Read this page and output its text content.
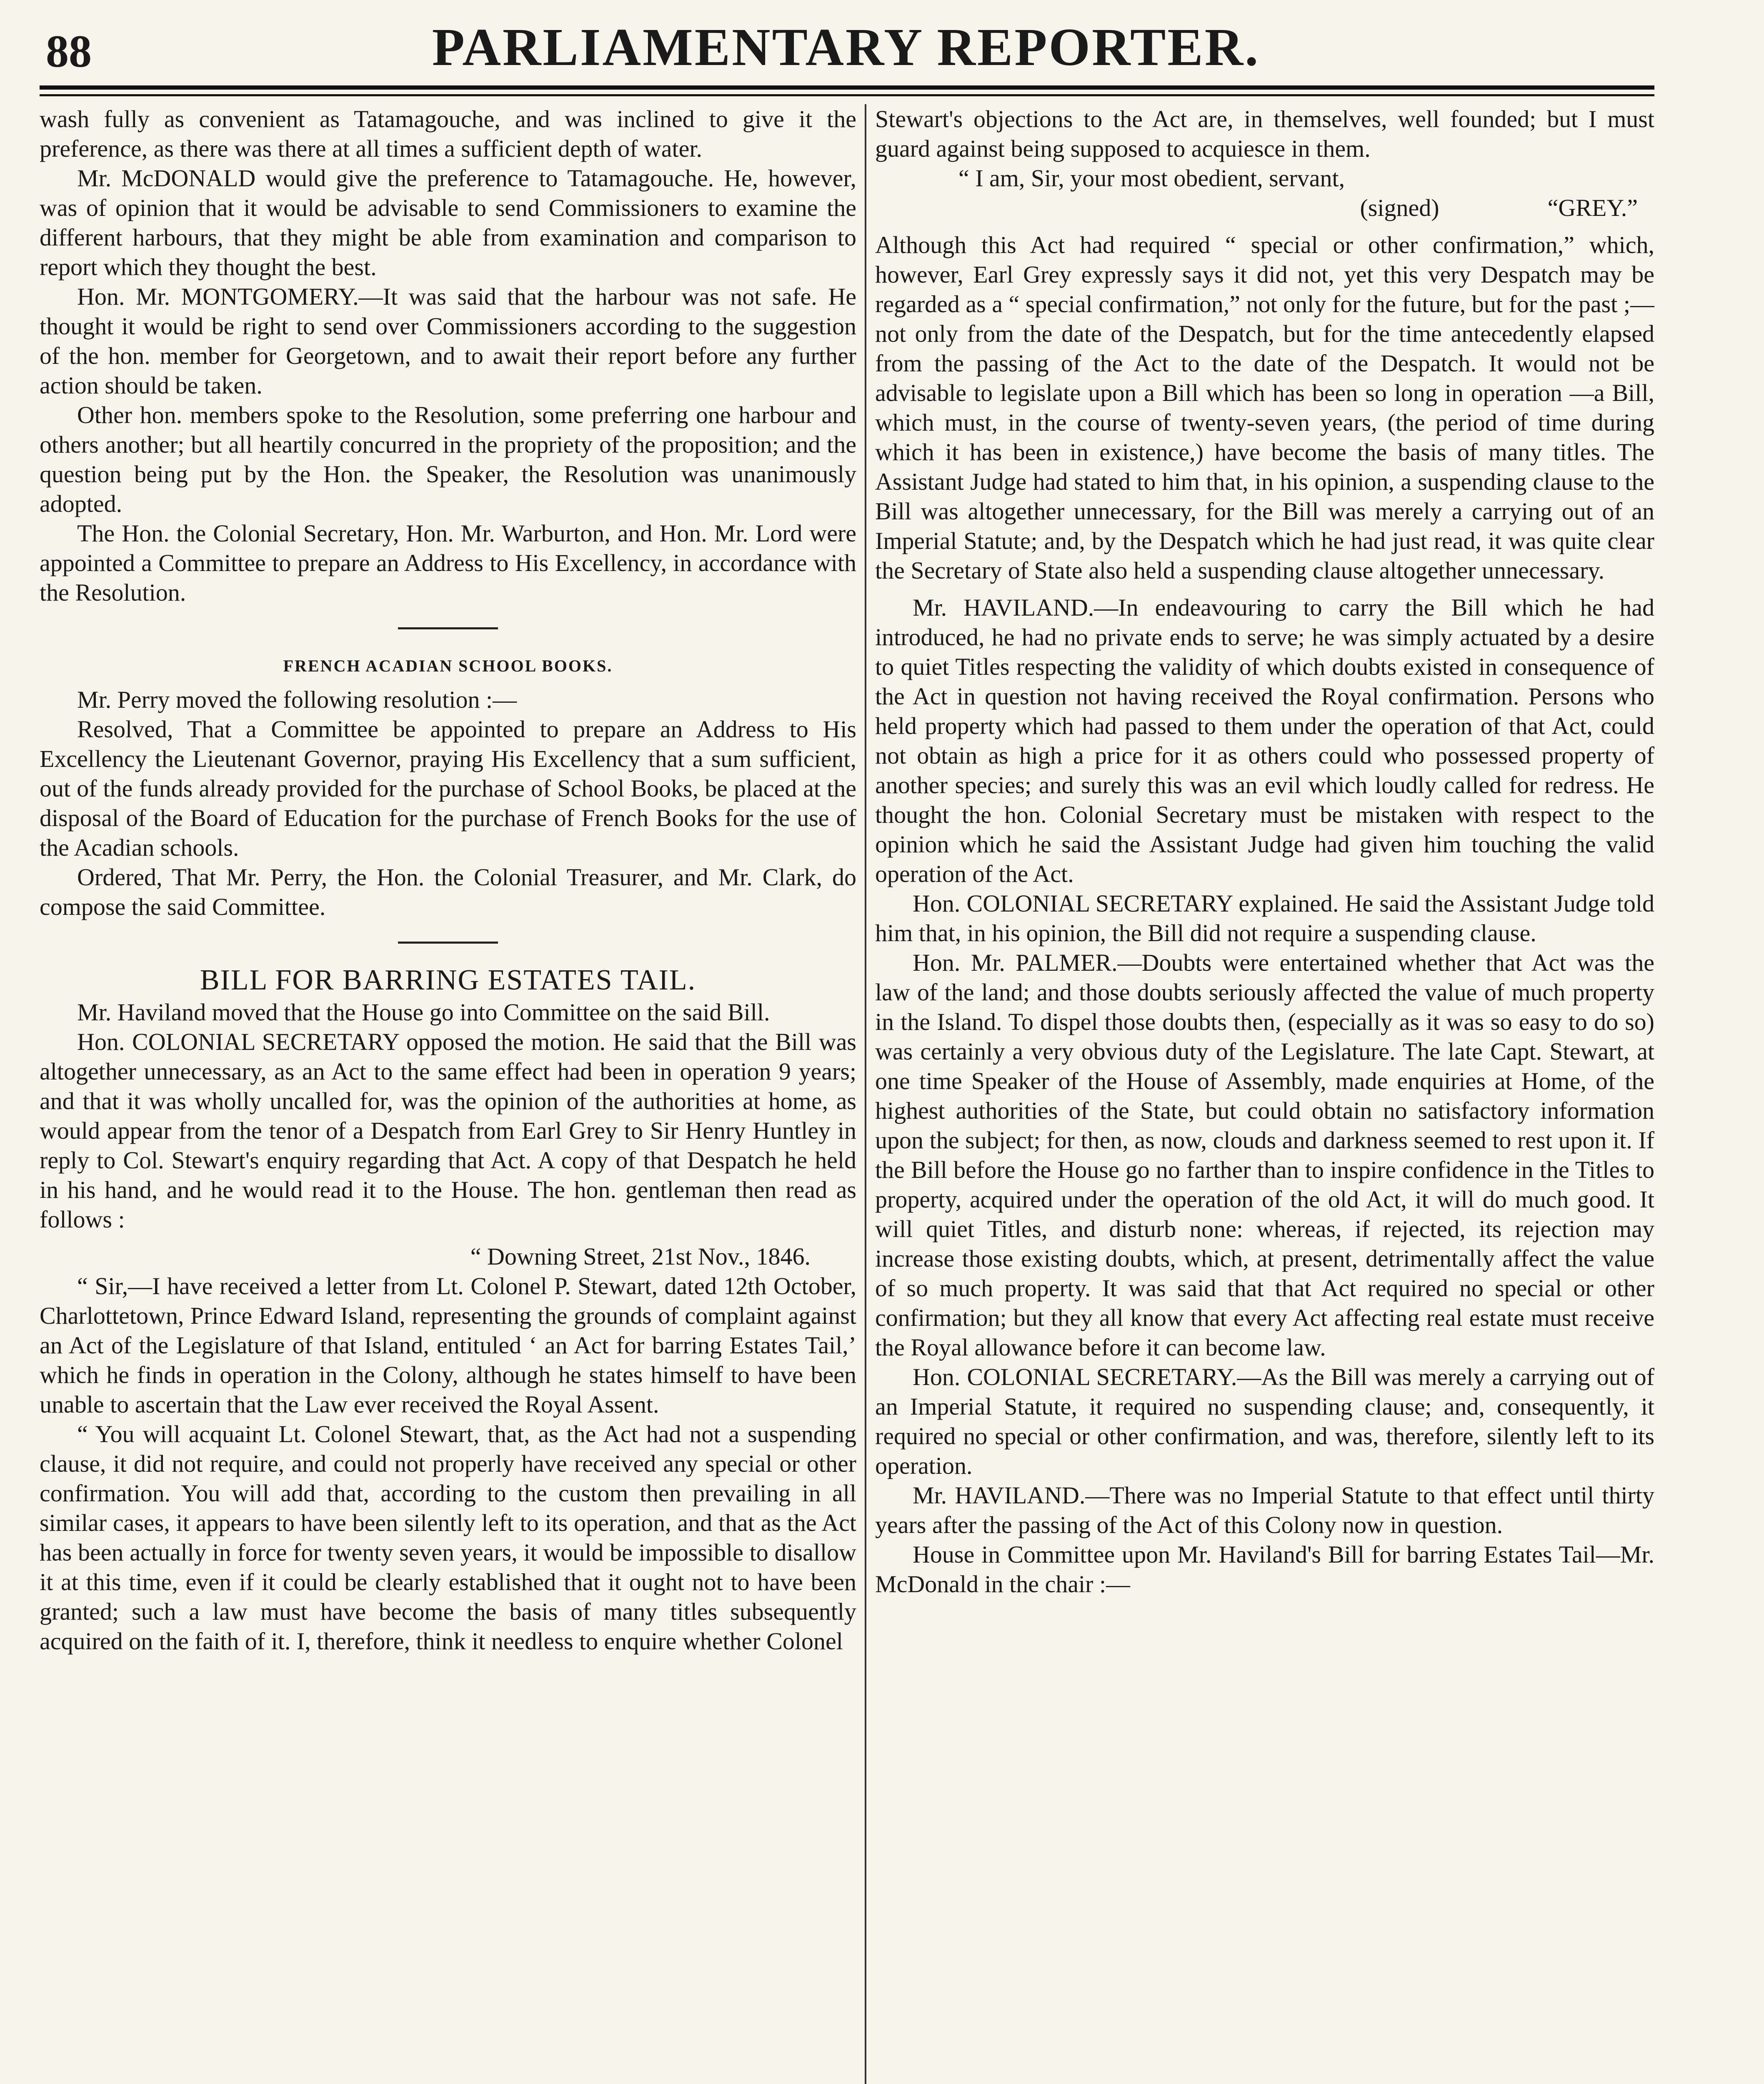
88	PARLIAMENTARY REPORTER.

wash fully as convenient as Tatamagouche, and was inclined to give it the preference, as there was there at all times a sufficient depth of water.

Mr. McDONALD would give the preference to Tatamagouche. He, however, was of opinion that it would be advisable to send Commissioners to examine the different harbours, that they might be able from examination and comparison to report which they thought the best.

Hon. Mr. MONTGOMERY.—It was said that the harbour was not safe. He thought it would be right to send over Commissioners according to the suggestion of the hon. member for Georgetown, and to await their report before any further action should be taken.

Other hon. members spoke to the Resolution, some preferring one harbour and others another; but all heartily concurred in the propriety of the proposition; and the question being put by the Hon. the Speaker, the Resolution was unanimously adopted.

The Hon. the Colonial Secretary, Hon. Mr. Warburton, and Hon. Mr. Lord were appointed a Committee to prepare an Address to His Excellency, in accordance with the Resolution.

FRENCH ACADIAN SCHOOL BOOKS.

Mr. Perry moved the following resolution :—

Resolved, That a Committee be appointed to prepare an Address to His Excellency the Lieutenant Governor, praying His Excellency that a sum sufficient, out of the funds already provided for the purchase of School Books, be placed at the disposal of the Board of Education for the purchase of French Books for the use of the Acadian schools.

Ordered, That Mr. Perry, the Hon. the Colonial Treasurer, and Mr. Clark, do compose the said Committee.

BILL FOR BARRING ESTATES TAIL.

Mr. Haviland moved that the House go into Committee on the said Bill.

Hon. COLONIAL SECRETARY opposed the motion. He said that the Bill was altogether unnecessary, as an Act to the same effect had been in operation 9 years; and that it was wholly uncalled for, was the opinion of the authorities at home, as would appear from the tenor of a Despatch from Earl Grey to Sir Henry Huntley in reply to Col. Stewart's enquiry regarding that Act. A copy of that Despatch he held in his hand, and he would read it to the House. The hon. gentleman then read as follows :

“ Downing Street, 21st Nov., 1846.

“ Sir,—I have received a letter from Lt. Colonel P. Stewart, dated 12th October, Charlottetown, Prince Edward Island, representing the grounds of complaint against an Act of the Legislature of that Island, entituled ‘ an Act for barring Estates Tail,’ which he finds in operation in the Colony, although he states himself to have been unable to ascertain that the Law ever received the Royal Assent.

“ You will acquaint Lt. Colonel Stewart, that, as the Act had not a suspending clause, it did not require, and could not properly have received any special or other confirmation. You will add that, according to the custom then prevailing in all similar cases, it appears to have been silently left to its operation, and that as the Act has been actually in force for twenty seven years, it would be impossible to disallow it at this time, even if it could be clearly established that it ought not to have been granted; such a law must have become the basis of many titles subsequently acquired on the faith of it. I, therefore, think it needless to enquire whether Colonel

Stewart's objections to the Act are, in themselves, well founded; but I must guard against being supposed to acquiesce in them.

“ I am, Sir, your most obedient, servant,

(signed)	“GREY.”

Although this Act had required “ special or other confirmation,” which, however, Earl Grey expressly says it did not, yet this very Despatch may be regarded as a “ special confirmation,” not only for the future, but for the past ;—not only from the date of the Despatch, but for the time antecedently elapsed from the passing of the Act to the date of the Despatch. It would not be advisable to legislate upon a Bill which has been so long in operation —a Bill, which must, in the course of twenty-seven years, (the period of time during which it has been in existence,) have become the basis of many titles. The Assistant Judge had stated to him that, in his opinion, a suspending clause to the Bill was altogether unnecessary, for the Bill was merely a carrying out of an Imperial Statute; and, by the Despatch which he had just read, it was quite clear the Secretary of State also held a suspending clause altogether unnecessary.

Mr. HAVILAND.—In endeavouring to carry the Bill which he had introduced, he had no private ends to serve; he was simply actuated by a desire to quiet Titles respecting the validity of which doubts existed in consequence of the Act in question not having received the Royal confirmation. Persons who held property which had passed to them under the operation of that Act, could not obtain as high a price for it as others could who possessed property of another species; and surely this was an evil which loudly called for redress. He thought the hon. Colonial Secretary must be mistaken with respect to the opinion which he said the Assistant Judge had given him touching the valid operation of the Act.

Hon. COLONIAL SECRETARY explained. He said the Assistant Judge told him that, in his opinion, the Bill did not require a suspending clause.

Hon. Mr. PALMER.—Doubts were entertained whether that Act was the law of the land; and those doubts seriously affected the value of much property in the Island. To dispel those doubts then, (especially as it was so easy to do so) was certainly a very obvious duty of the Legislature. The late Capt. Stewart, at one time Speaker of the House of Assembly, made enquiries at Home, of the highest authorities of the State, but could obtain no satisfactory information upon the subject; for then, as now, clouds and darkness seemed to rest upon it. If the Bill before the House go no farther than to inspire confidence in the Titles to property, acquired under the operation of the old Act, it will do much good. It will quiet Titles, and disturb none: whereas, if rejected, its rejection may increase those existing doubts, which, at present, detrimentally affect the value of so much property. It was said that that Act required no special or other confirmation; but they all know that every Act affecting real estate must receive the Royal allowance before it can become law.

Hon. COLONIAL SECRETARY.—As the Bill was merely a carrying out of an Imperial Statute, it required no suspending clause; and, consequently, it required no special or other confirmation, and was, therefore, silently left to its operation.

Mr. HAVILAND.—There was no Imperial Statute to that effect until thirty years after the passing of the Act of this Colony now in question.

House in Committee upon Mr. Haviland's Bill for barring Estates Tail—Mr. McDonald in the chair :—
